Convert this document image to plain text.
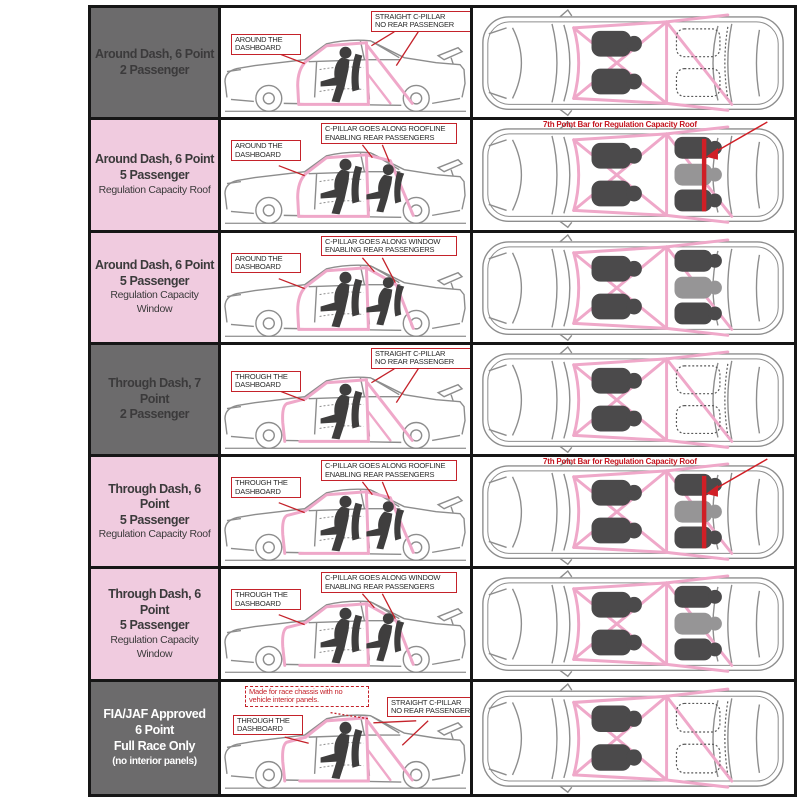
Around Dash, 6 Point
2 Passenger
AROUND THE DASHBOARD
STRAIGHT C-PILLAR
NO REAR PASSENGER
Around Dash, 6 Point
5 Passenger
Regulation Capacity Roof
AROUND THE DASHBOARD
C-PILLAR GOES ALONG ROOFLINE
ENABLING REAR PASSENGERS
7th Point Bar for Regulation Capacity Roof
Around Dash, 6 Point
5 Passenger
Regulation Capacity Window
AROUND THE DASHBOARD
C-PILLAR GOES ALONG WINDOW
ENABLING REAR PASSENGERS
Through Dash, 7 Point
2 Passenger
THROUGH THE DASHBOARD
STRAIGHT C-PILLAR
NO REAR PASSENGER
Through Dash, 6 Point
5 Passenger
Regulation Capacity Roof
THROUGH THE DASHBOARD
C-PILLAR GOES ALONG ROOFLINE
ENABLING REAR PASSENGERS
7th Point Bar for Regulation Capacity Roof
Through Dash, 6 Point
5 Passenger
Regulation Capacity Window
THROUGH THE DASHBOARD
C-PILLAR GOES ALONG WINDOW
ENABLING REAR PASSENGERS
FIA/JAF Approved
6 Point
Full Race Only
(no interior panels)
Made for race chassis with no vehicle interior panels.
THROUGH THE DASHBOARD
STRAIGHT C-PILLAR
NO REAR PASSENGER
